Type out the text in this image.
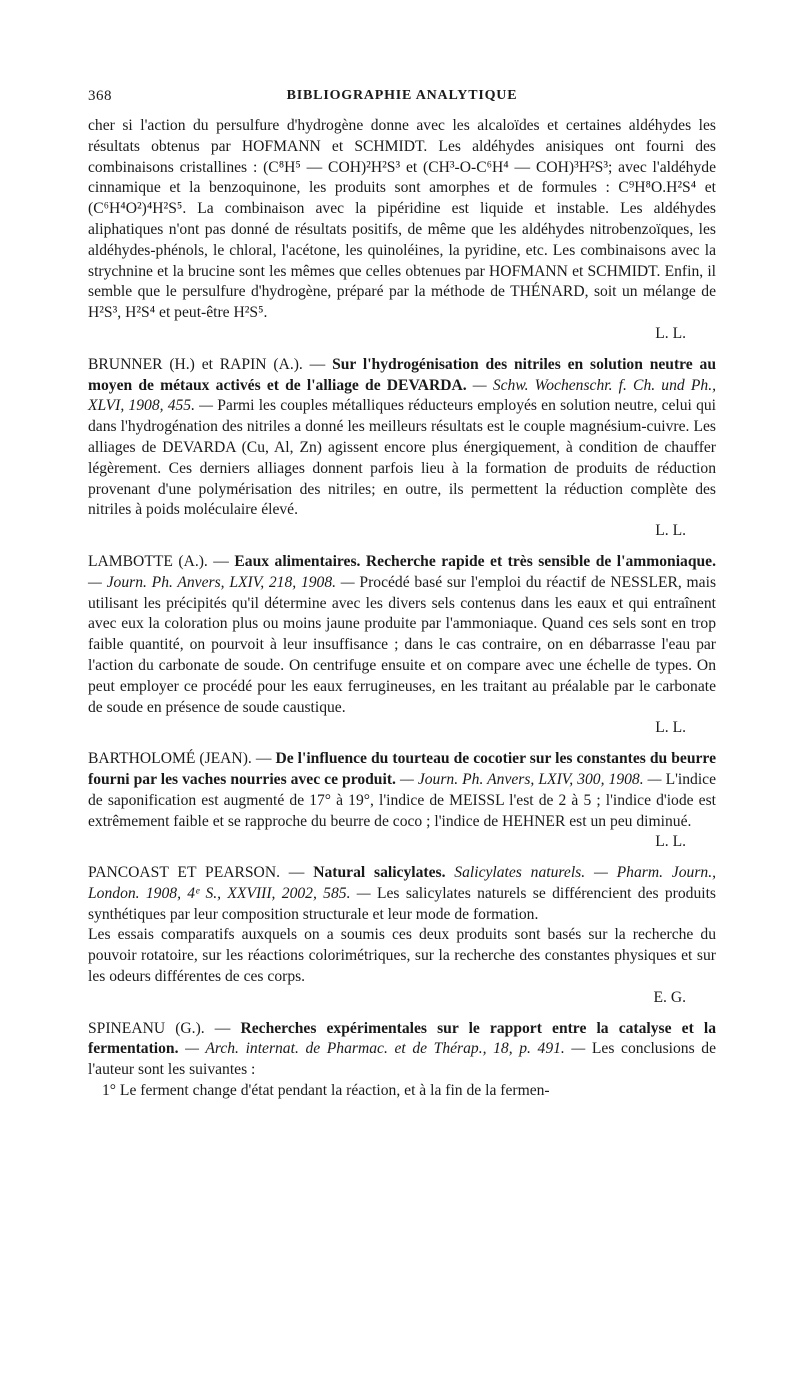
368	BIBLIOGRAPHIE ANALYTIQUE

cher si l'action du persulfure d'hydrogène donne avec les alcaloïdes et certaines aldéhydes les résultats obtenus par HOFMANN et SCHMIDT. Les aldéhydes anisiques ont fourni des combinaisons cristallines : (C⁸H⁵ — COH)²H²S³ et (CH³-O-C⁶H⁴ — COH)³H²S³; avec l'aldéhyde cinnamique et la benzoquinone, les produits sont amorphes et de formules : C⁹H⁸O.H²S⁴ et (C⁶H⁴O²)⁴H²S⁵. La combinaison avec la pipéridine est liquide et instable. Les aldéhydes aliphatiques n'ont pas donné de résultats positifs, de même que les aldéhydes nitrobenzoïques, les aldéhydes-phénols, le chloral, l'acétone, les quinoléines, la pyridine, etc. Les combinaisons avec la strychnine et la brucine sont les mêmes que celles obtenues par HOFMANN et SCHMIDT. Enfin, il semble que le persulfure d'hydrogène, préparé par la méthode de THÉNARD, soit un mélange de H²S³, H²S⁴ et peut-être H²S⁵.
L. L.

BRUNNER (H.) et RAPIN (A.). — Sur l'hydrogénisation des nitriles en solution neutre au moyen de métaux activés et de l'alliage de DEVARDA. — Schw. Wochenschr. f. Ch. und Ph., XLVI, 1908, 455. — Parmi les couples métalliques réducteurs employés en solution neutre, celui qui dans l'hydrogénation des nitriles a donné les meilleurs résultats est le couple magnésium-cuivre. Les alliages de DEVARDA (Cu, Al, Zn) agissent encore plus énergiquement, à condition de chauffer légèrement. Ces derniers alliages donnent parfois lieu à la formation de produits de réduction provenant d'une polymérisation des nitriles; en outre, ils permettent la réduction complète des nitriles à poids moléculaire élevé.
L. L.

LAMBOTTE (A.). — Eaux alimentaires. Recherche rapide et très sensible de l'ammoniaque. — Journ. Ph. Anvers, LXIV, 218, 1908. — Procédé basé sur l'emploi du réactif de NESSLER, mais utilisant les précipités qu'il détermine avec les divers sels contenus dans les eaux et qui entraînent avec eux la coloration plus ou moins jaune produite par l'ammoniaque. Quand ces sels sont en trop faible quantité, on pourvoit à leur insuffisance ; dans le cas contraire, on en débarrasse l'eau par l'action du carbonate de soude. On centrifuge ensuite et on compare avec une échelle de types. On peut employer ce procédé pour les eaux ferrugineuses, en les traitant au préalable par le carbonate de soude en présence de soude caustique.
L. L.

BARTHOLOMÉ (JEAN). — De l'influence du tourteau de cocotier sur les constantes du beurre fourni par les vaches nourries avec ce produit. — Journ. Ph. Anvers, LXIV, 300, 1908. — L'indice de saponification est augmenté de 17° à 19°, l'indice de MEISSL l'est de 2 à 5 ; l'indice d'iode est extrêmement faible et se rapproche du beurre de coco ; l'indice de HEHNER est un peu diminué.
L. L.

PANCOAST ET PEARSON. — Natural salicylates. Salicylates naturels. — Pharm. Journ., London. 1908, 4ᵉ S., XXVIII, 2002, 585. — Les salicylates naturels se différencient des produits synthétiques par leur composition structurale et leur mode de formation.

Les essais comparatifs auxquels on a soumis ces deux produits sont basés sur la recherche du pouvoir rotatoire, sur les réactions colorimétriques, sur la recherche des constantes physiques et sur les odeurs différentes de ces corps.
E. G.

SPINEANU (G.). — Recherches expérimentales sur le rapport entre la catalyse et la fermentation. — Arch. internat. de Pharmac. et de Thérap., 18, p. 491. — Les conclusions de l'auteur sont les suivantes :

1° Le ferment change d'état pendant la réaction, et à la fin de la fermen-
